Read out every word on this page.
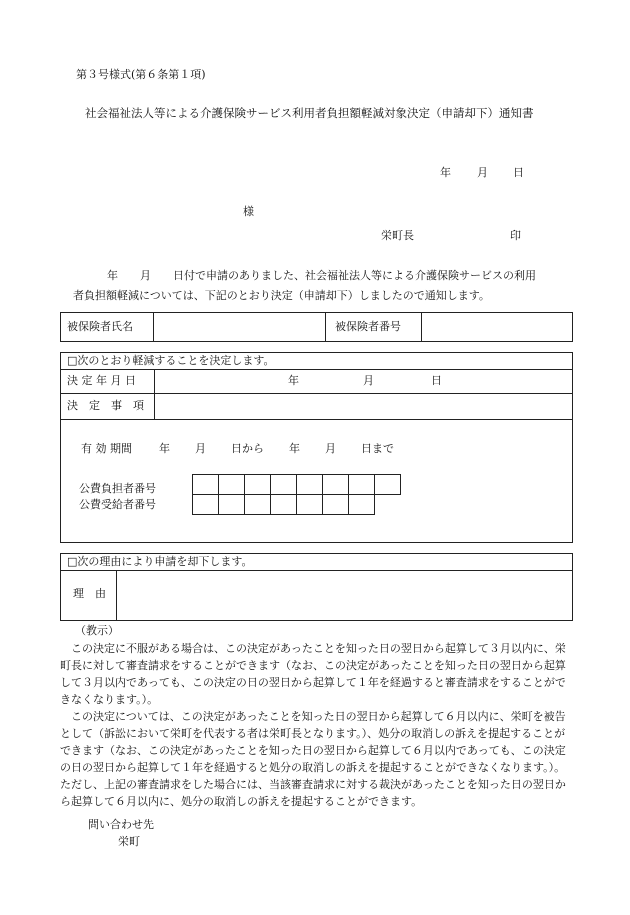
第３号様式(第６条第１項)
社会福祉法人等による介護保険サービス利用者負担額軽減対象決定（申請却下）通知書
年 月 日
様
栄町長	印
年　　月　　日付で申請のありました、社会福祉法人等による介護保険サービスの利用
者負担額軽減については、下記のとおり決定（申請却下）しましたので通知します。
被保険者氏名	被保険者番号
□次のとおり軽減することを決定します。
決 定 年 月 日	年	月	日
決　定　事　項
有 効 期間 年 月 日から 年 月 日まで
公費負担者番号
公費受給者番号
□次の理由により申請を却下します。
理　由
（教示）
この決定に不服がある場合は、この決定があったことを知った日の翌日から起算して３月以内に、栄町長に対して審査請求をすることができます（なお、この決定があったことを知った日の翌日から起算して３月以内であっても、この決定の日の翌日から起算して１年を経過すると審査請求をすることができなくなります。）。
この決定については、この決定があったことを知った日の翌日から起算して６月以内に、栄町を被告として（訴訟において栄町を代表する者は栄町長となります。）、処分の取消しの訴えを提起することができます（なお、この決定があったことを知った日の翌日から起算して６月以内であっても、この決定の日の翌日から起算して１年を経過すると処分の取消しの訴えを提起することができなくなります。）。ただし、上記の審査請求をした場合には、当該審査請求に対する裁決があったことを知った日の翌日から起算して６月以内に、処分の取消しの訴えを提起することができます。
問い合わせ先
栄町
